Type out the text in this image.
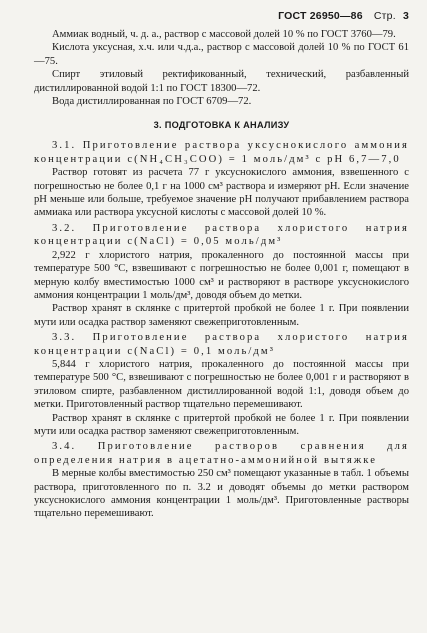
ГОСТ 26950—86 Стр. 3

Аммиак водный, ч. д. а., раствор с массовой долей 10 % по ГОСТ 3760—79.

Кислота уксусная, х.ч. или ч.д.а., раствор с массовой долей 10 % по ГОСТ 61—75.

Спирт этиловый ректификованный, технический, разбавленный дистиллированной водой 1:1 по ГОСТ 18300—72.

Вода дистиллированная по ГОСТ 6709—72.

3. ПОДГОТОВКА К АНАЛИЗУ

3.1. Приготовление раствора уксуснокислого аммония концентрации c(NH₄CH₃COO) = 1 моль/дм³ с pH 6,7—7,0

Раствор готовят из расчета 77 г уксуснокислого аммония, взвешенного с погрешностью не более 0,1 г на 1000 см³ раствора и измеряют pH. Если значение pH меньше или больше, требуемое значение pH получают прибавлением раствора аммиака или раствора уксусной кислоты с массовой долей 10 %.

3.2. Приготовление раствора хлористого натрия концентрации c(NaCl) = 0,05 моль/дм³

2,922 г хлористого натрия, прокаленного до постоянной массы при температуре 500 °C, взвешивают с погрешностью не более 0,001 г, помещают в мерную колбу вместимостью 1000 см³ и растворяют в растворе уксуснокислого аммония концентрации 1 моль/дм³, доводя объем до метки.

Раствор хранят в склянке с притертой пробкой не более 1 г. При появлении мути или осадка раствор заменяют свежеприготовленным.

3.3. Приготовление раствора хлористого натрия концентрации c(NaCl) = 0,1 моль/дм³

5,844 г хлористого натрия, прокаленного до постоянной массы при температуре 500 °C, взвешивают с погрешностью не более 0,001 г и растворяют в этиловом спирте, разбавленном дистиллированной водой 1:1, доводя объем до метки. Приготовленный раствор тщательно перемешивают.

Раствор хранят в склянке с притертой пробкой не более 1 г. При появлении мути или осадка раствор заменяют свежеприготовленным.

3.4. Приготовление растворов сравнения для определения натрия в ацетатно-аммонийной вытяжке

В мерные колбы вместимостью 250 см³ помещают указанные в табл. 1 объемы раствора, приготовленного по п. 3.2 и доводят объемы до метки раствором уксуснокислого аммония концентрации 1 моль/дм³. Приготовленные растворы тщательно перемешивают.
